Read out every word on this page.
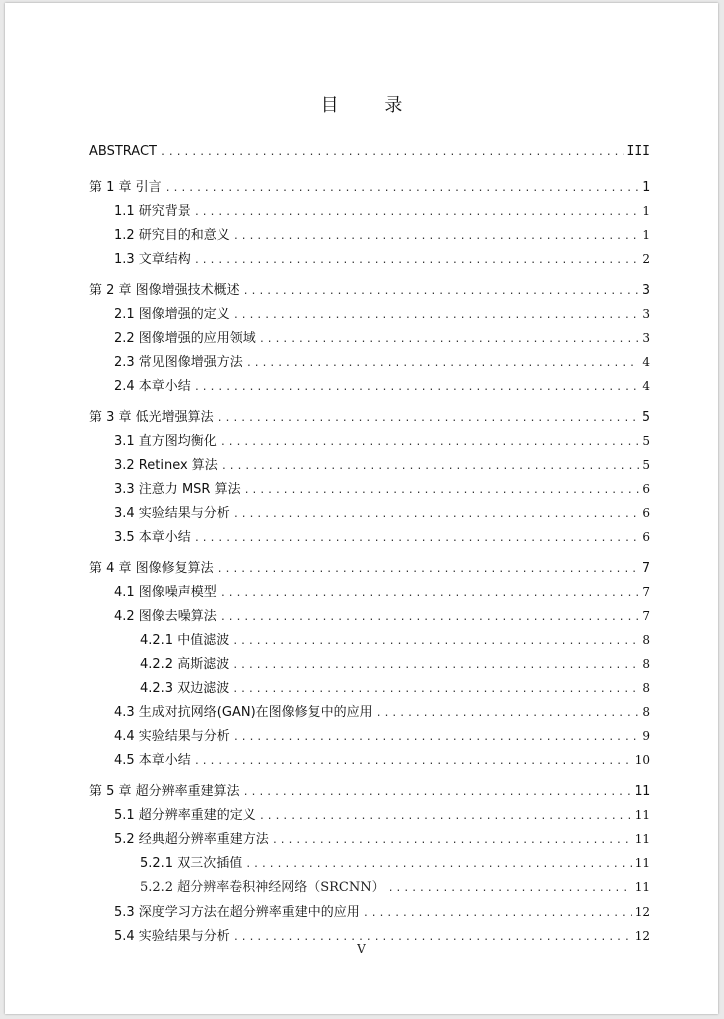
目 录
ABSTRACT .....	III
第 1 章 引言 .....	1
1.1 研究背景 .....	1
1.2 研究目的和意义 .....	1
1.3 文章结构 .....	2
第 2 章 图像增强技术概述 .....	3
2.1 图像增强的定义 .....	3
2.2 图像增强的应用领域 .....	3
2.3 常见图像增强方法 .....	4
2.4 本章小结 .....	4
第 3 章 低光增强算法 .....	5
3.1 直方图均衡化 .....	5
3.2 Retinex 算法 .....	5
3.3 注意力 MSR 算法 .....	6
3.4 实验结果与分析 .....	6
3.5 本章小结 .....	6
第 4 章 图像修复算法 .....	7
4.1 图像噪声模型 .....	7
4.2 图像去噪算法 .....	7
4.2.1 中值滤波 .....	8
4.2.2 高斯滤波 .....	8
4.2.3 双边滤波 .....	8
4.3 生成对抗网络(GAN)在图像修复中的应用 .....	8
4.4 实验结果与分析 .....	9
4.5 本章小结 .....	10
第 5 章 超分辨率重建算法 .....	11
5.1 超分辨率重建的定义 .....	11
5.2 经典超分辨率重建方法 .....	11
5.2.1 双三次插值 .....	11
5.2.2 超分辨率卷积神经网络（SRCNN） .....	11
5.3 深度学习方法在超分辨率重建中的应用 .....	12
5.4 实验结果与分析 .....	12
V
